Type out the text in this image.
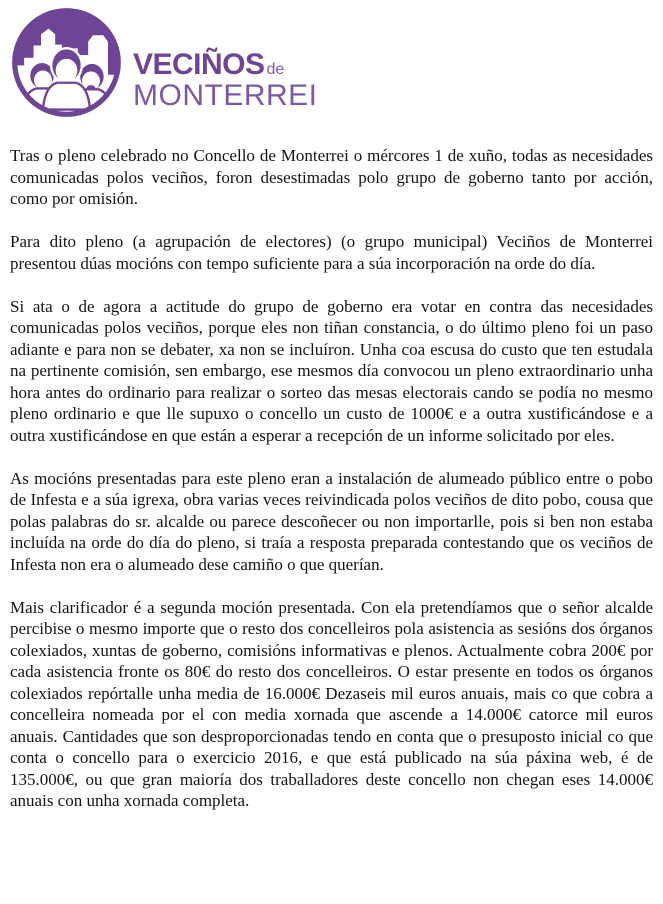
VECIÑOS de
MONTERREI

Tras o pleno celebrado no Concello de Monterrei o mércores 1 de xuño, todas as necesidades comunicadas polos veciños, foron desestimadas polo grupo de goberno tanto por acción, como por omisión.

Para dito pleno (a agrupación de electores) (o grupo municipal) Veciños de Monterrei presentou dúas mocións con tempo suficiente para a súa incorporación na orde do día.

Si ata o de agora a actitude do grupo de goberno era votar en contra das necesidades comunicadas polos veciños, porque eles non tiñan constancia, o do último pleno foi un paso adiante e para non se debater, xa non se incluíron. Unha coa escusa do custo que ten estudala na pertinente comisión, sen embargo, ese mesmos día convocou un pleno extraordinario unha hora antes do ordinario para realizar o sorteo das mesas electorais cando se podía no mesmo pleno ordinario e que lle supuxo o concello un custo de 1000€ e a outra xustificándose e a outra xustificándose en que están a esperar a recepción de un informe solicitado por eles.

As mocións presentadas para este pleno eran a instalación de alumeado público entre o pobo de Infesta e a súa igrexa, obra varias veces reivindicada polos veciños de dito pobo, cousa que polas palabras do sr. alcalde ou parece descoñecer ou non importarlle, pois si ben non estaba incluída na orde do día do pleno, si traía a resposta preparada contestando que os veciños de Infesta non era o alumeado dese camiño o que querían.

Mais clarificador é a segunda moción presentada. Con ela pretendíamos que o señor alcalde percibise o mesmo importe que o resto dos concelleiros pola asistencia as sesións dos órganos colexiados, xuntas de goberno, comisións informativas e plenos. Actualmente cobra 200€ por cada asistencia fronte os 80€ do resto dos concelleiros. O estar presente en todos os órganos colexiados repórtalle unha media de 16.000€ Dezaseis mil euros anuais, mais co que cobra a concelleira nomeada por el con media xornada que ascende a 14.000€ catorce mil euros anuais. Cantidades que son desproporcionadas tendo en conta que o presuposto inicial co que conta o concello para o exercicio 2016, e que está publicado na súa páxina web, é de 135.000€, ou que gran maioría dos traballadores deste concello non chegan eses 14.000€ anuais con unha xornada completa.
